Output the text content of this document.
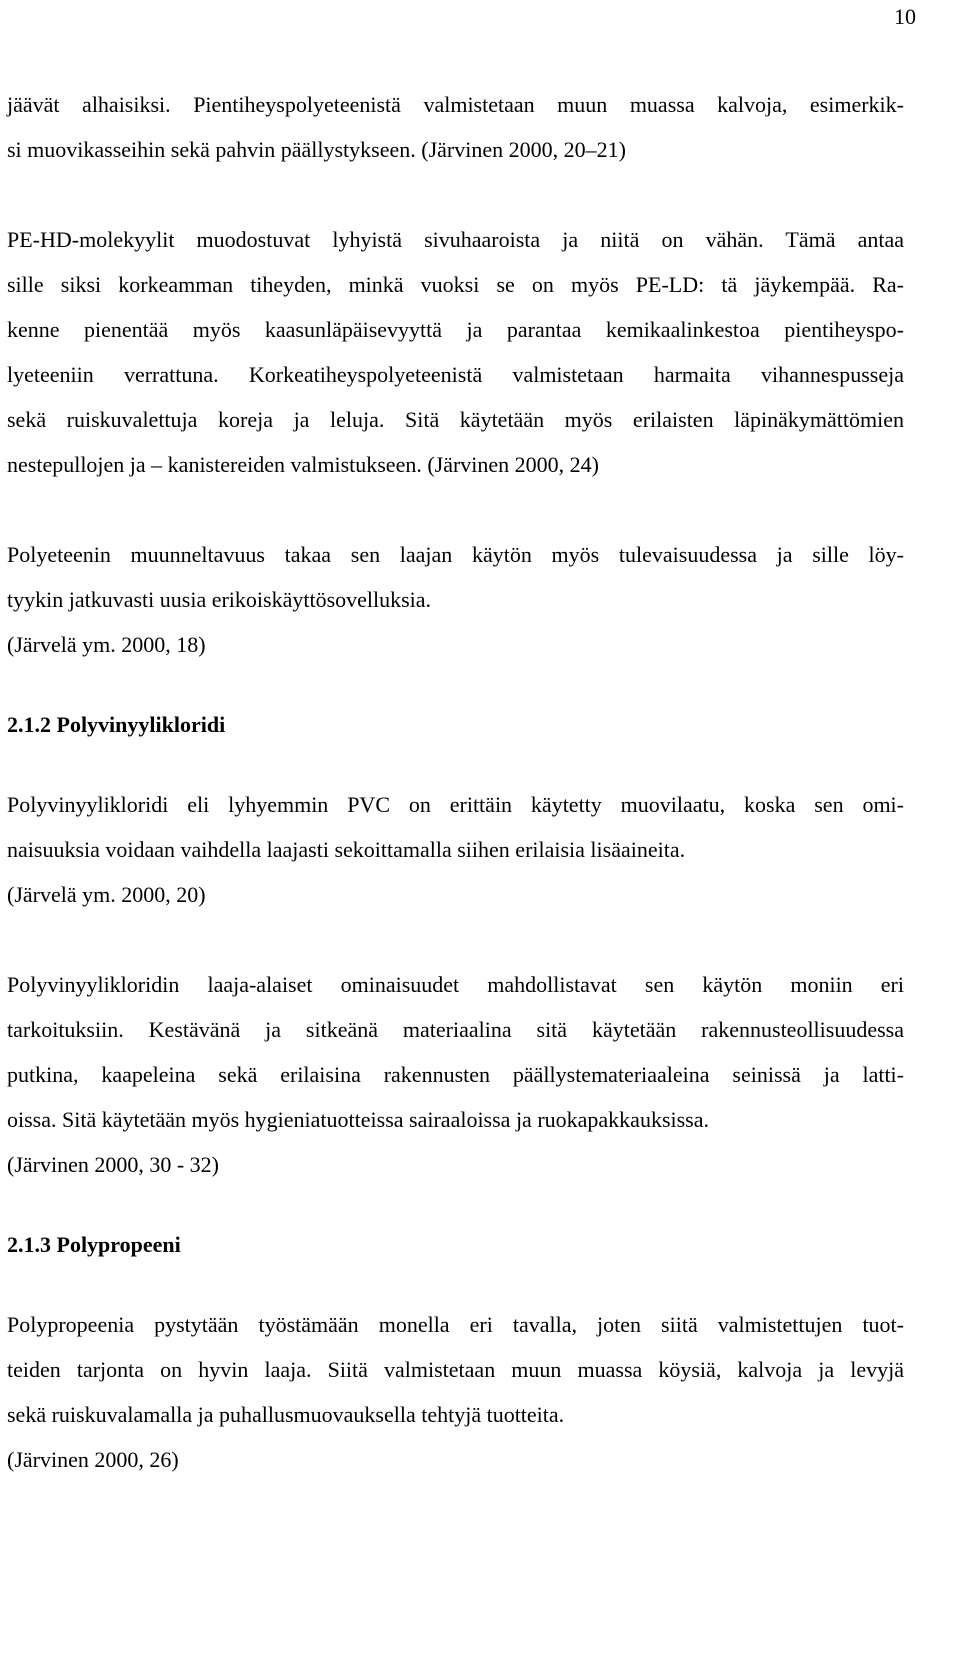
10
jäävät alhaisiksi. Pientiheyspolyeteenistä valmistetaan muun muassa kalvoja, esimerkik-
si muovikasseihin sekä pahvin päällystykseen. (Järvinen 2000, 20–21)
PE-HD-molekyylit muodostuvat lyhyistä sivuhaaroista ja niitä on vähän. Tämä antaa
sille siksi korkeamman tiheyden, minkä vuoksi se on myös PE-LD: tä jäykempää. Ra-
kenne pienentää myös kaasunläpäisevyyttä ja parantaa kemikaalinkestoa pientiheyspo-
lyeteeniin verrattuna. Korkeatiheyspolyeteenistä valmistetaan harmaita vihannespusseja
sekä ruiskuvalettuja koreja ja leluja. Sitä käytetään myös erilaisten läpinäkymättömien
nestepullojen ja – kanistereiden valmistukseen. (Järvinen 2000, 24)
Polyeteenin muunneltavuus takaa sen laajan käytön myös tulevaisuudessa ja sille löy-
tyykin jatkuvasti uusia erikoiskäyttösovelluksia.
(Järvelä ym. 2000, 18)
2.1.2 Polyvinyylikloridi
Polyvinyylikloridi eli lyhyemmin PVC on erittäin käytetty muovilaatu, koska sen omi-
naisuuksia voidaan vaihdella laajasti sekoittamalla siihen erilaisia lisäaineita.
(Järvelä ym. 2000, 20)
Polyvinyylikloridin laaja-alaiset ominaisuudet mahdollistavat sen käytön moniin eri
tarkoituksiin. Kestävänä ja sitkeänä materiaalina sitä käytetään rakennusteollisuudessa
putkina, kaapeleina sekä erilaisina rakennusten päällystemateriaaleina seinissä ja latti-
oissa. Sitä käytetään myös hygieniatuotteissa sairaaloissa ja ruokapakkauksissa.
(Järvinen 2000, 30 - 32)
2.1.3 Polypropeeni
Polypropeenia pystytään työstämään monella eri tavalla, joten siitä valmistettujen tuot-
teiden tarjonta on hyvin laaja. Siitä valmistetaan muun muassa köysiä, kalvoja ja levyjä
sekä ruiskuvalamalla ja puhallusmuovauksella tehtyjä tuotteita.
(Järvinen 2000, 26)
